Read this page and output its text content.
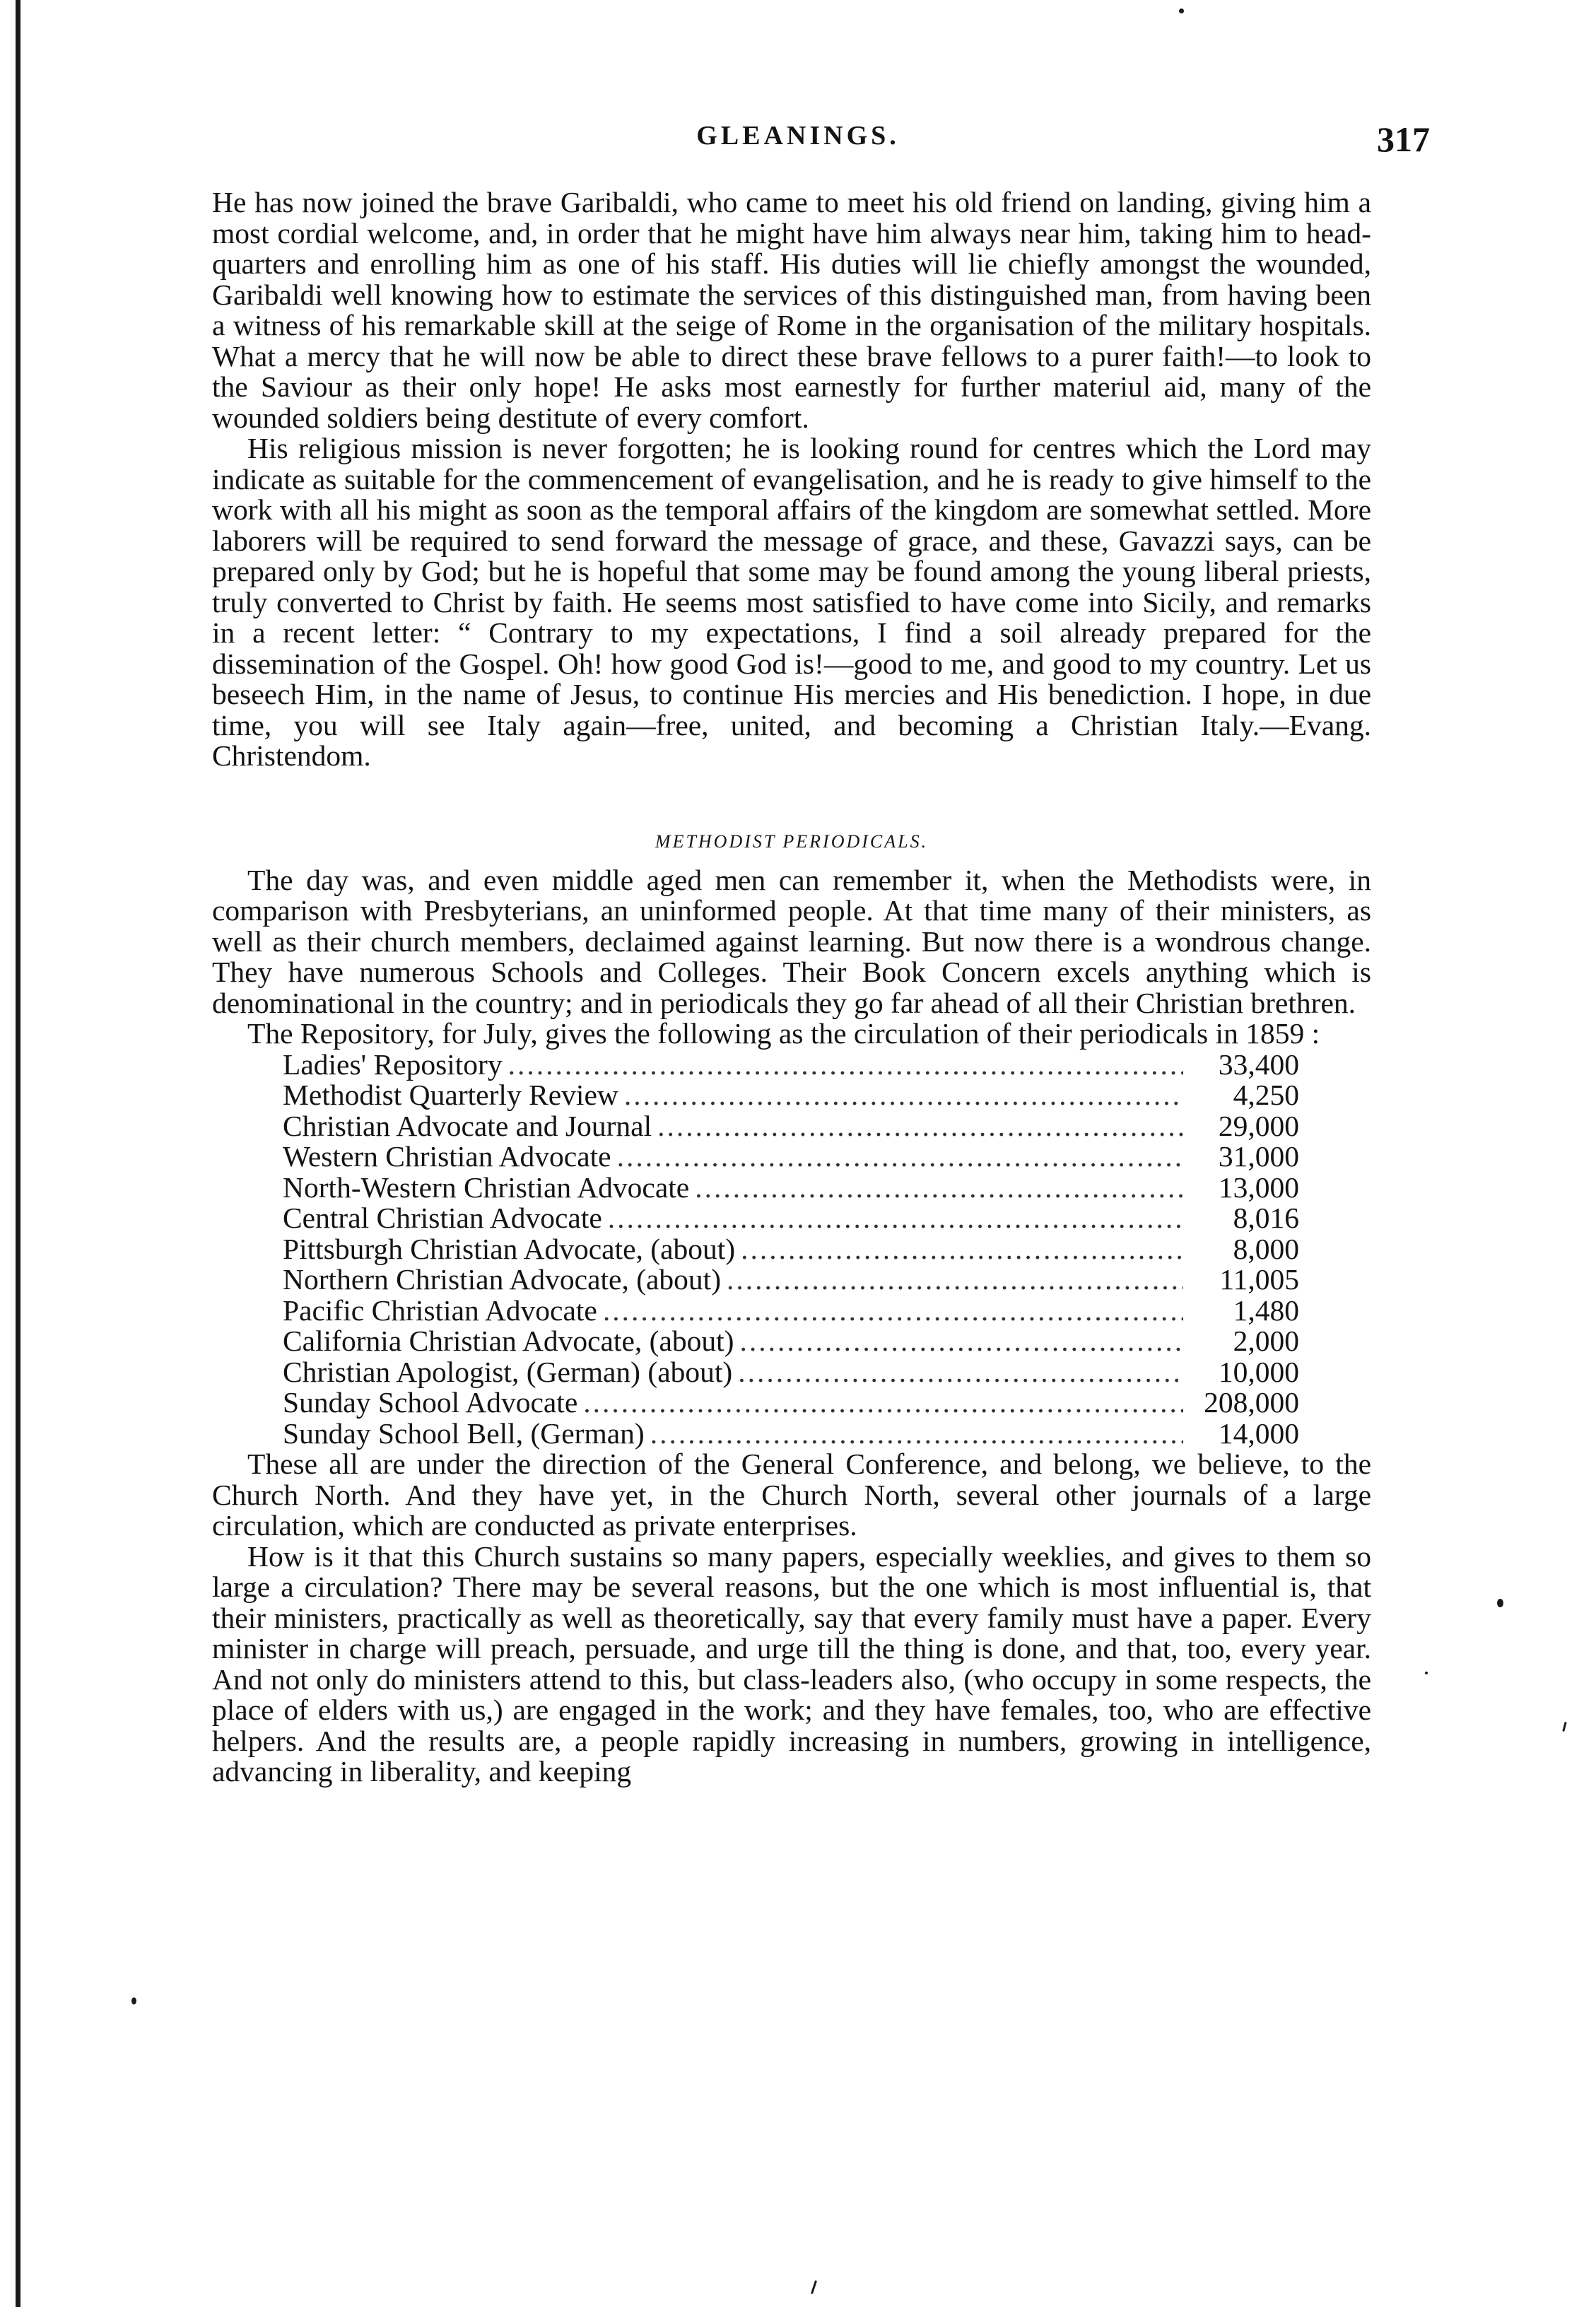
GLEANINGS.	317

He has now joined the brave Garibaldi, who came to meet his old friend on landing, giving him a most cordial welcome, and, in order that he might have him always near him, taking him to head-quarters and enrolling him as one of his staff. His duties will lie chiefly amongst the wounded, Garibaldi well knowing how to estimate the services of this distinguished man, from having been a witness of his remarkable skill at the seige of Rome in the organisation of the military hospitals. What a mercy that he will now be able to direct these brave fellows to a purer faith!—to look to the Saviour as their only hope! He asks most earnestly for further materiul aid, many of the wounded soldiers being destitute of every comfort.

His religious mission is never forgotten; he is looking round for centres which the Lord may indicate as suitable for the commencement of evangelisation, and he is ready to give himself to the work with all his might as soon as the temporal affairs of the kingdom are somewhat settled. More laborers will be required to send forward the message of grace, and these, Gavazzi says, can be prepared only by God; but he is hopeful that some may be found among the young liberal priests, truly converted to Christ by faith. He seems most satisfied to have come into Sicily, and remarks in a recent letter: “ Contrary to my expectations, I find a soil already prepared for the dissemination of the Gospel. Oh! how good God is!—good to me, and good to my country. Let us beseech Him, in the name of Jesus, to continue His mercies and His benediction. I hope, in due time, you will see Italy again—free, united, and becoming a Christian Italy.—Evang. Christendom.

METHODIST PERIODICALS.

The day was, and even middle aged men can remember it, when the Methodists were, in comparison with Presbyterians, an uninformed people. At that time many of their ministers, as well as their church members, declaimed against learning. But now there is a wondrous change. They have numerous Schools and Colleges. Their Book Concern excels anything which is denominational in the country; and in periodicals they go far ahead of all their Christian brethren.

The Repository, for July, gives the following as the circulation of their periodicals in 1859 :

Ladies' Repository .....	33,400
Methodist Quarterly Review .....	4,250
Christian Advocate and Journal .....	29,000
Western Christian Advocate .....	31,000
North-Western Christian Advocate .....	13,000
Central Christian Advocate .....	8,016
Pittsburgh Christian Advocate, (about) .....	8,000
Northern Christian Advocate, (about) .....	11,005
Pacific Christian Advocate .....	1,480
California Christian Advocate, (about) .....	2,000
Christian Apologist, (German) (about) .....	10,000
Sunday School Advocate .....	208,000
Sunday School Bell, (German) .....	14,000

These all are under the direction of the General Conference, and belong, we believe, to the Church North. And they have yet, in the Church North, several other journals of a large circulation, which are conducted as private enterprises.

How is it that this Church sustains so many papers, especially weeklies, and gives to them so large a circulation? There may be several reasons, but the one which is most influential is, that their ministers, practically as well as theoretically, say that every family must have a paper. Every minister in charge will preach, persuade, and urge till the thing is done, and that, too, every year. And not only do ministers attend to this, but class-leaders also, (who occupy in some respects, the place of elders with us,) are engaged in the work; and they have females, too, who are effective helpers. And the results are, a people rapidly increasing in numbers, growing in intelligence, advancing in liberality, and keeping
